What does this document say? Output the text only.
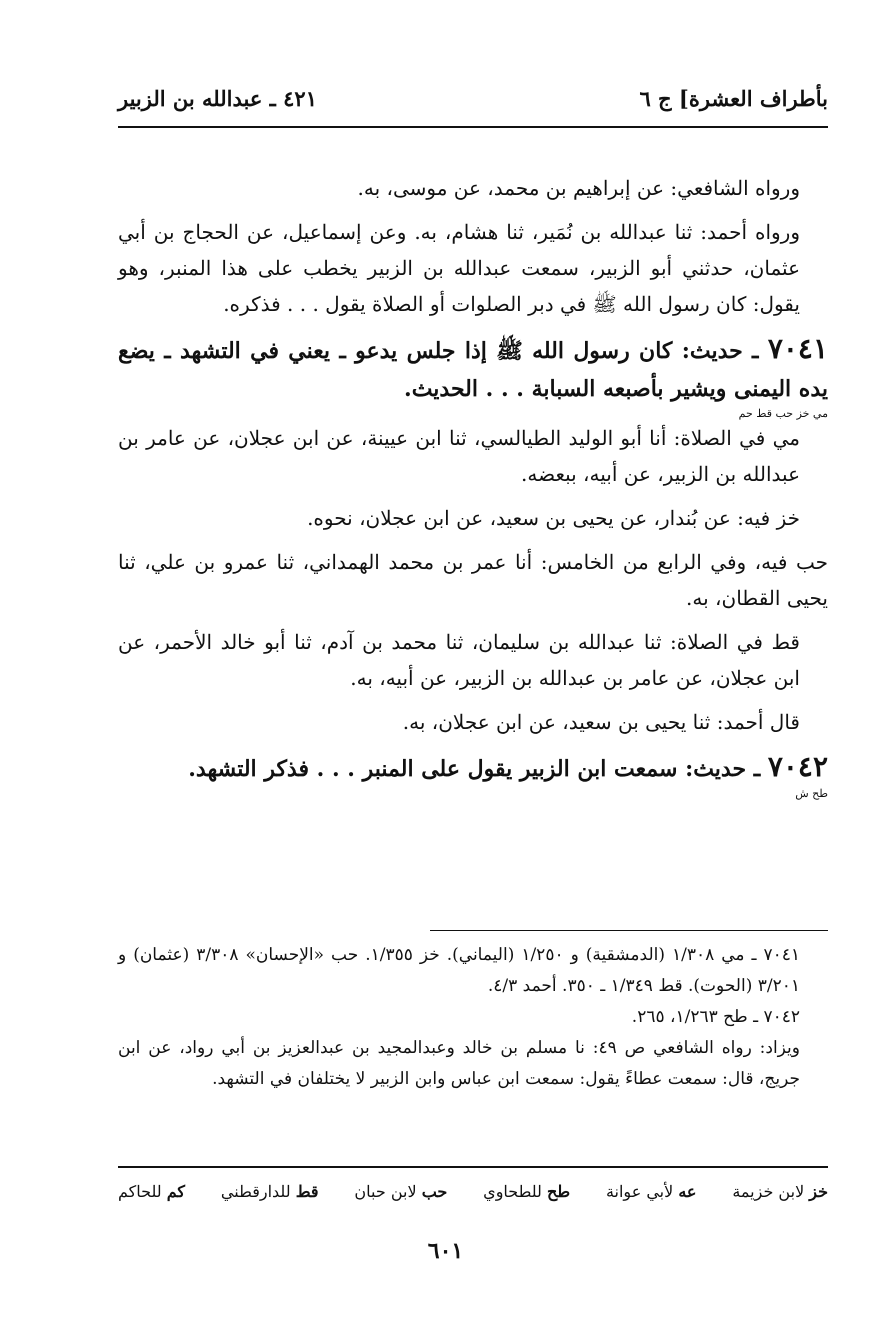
بأطراف العشرة] ج ٦
٤٢١ ـ عبدالله بن الزبير

ورواه الشافعي: عن إبراهيم بن محمد، عن موسى، به.

ورواه أحمد: ثنا عبدالله بن نُمَير، ثنا هشام، به. وعن إسماعيل، عن الحجاج بن أبي عثمان، حدثني أبو الزبير، سمعت عبدالله بن الزبير يخطب على هذا المنبر، وهو يقول: كان رسول الله ﷺ في دبر الصلوات أو الصلاة يقول . . . فذكره.

٧٠٤١ ـ حديث: كان رسول الله ﷺ إذا جلس يدعو ـ يعني في التشهد ـ يضع يده اليمنى ويشير بأصبعه السبابة . . . الحديث.
مي خز حب قط حم

مي في الصلاة: أنا أبو الوليد الطيالسي، ثنا ابن عيينة، عن ابن عجلان، عن عامر بن عبدالله بن الزبير، عن أبيه، ببعضه.

خز فيه: عن بُندار، عن يحيى بن سعيد، عن ابن عجلان، نحوه.

حب فيه، وفي الرابع من الخامس: أنا عمر بن محمد الهمداني، ثنا عمرو بن علي، ثنا يحيى القطان، به.

قط في الصلاة: ثنا عبدالله بن سليمان، ثنا محمد بن آدم، ثنا أبو خالد الأحمر، عن ابن عجلان، عن عامر بن عبدالله بن الزبير، عن أبيه، به.

قال أحمد: ثنا يحيى بن سعيد، عن ابن عجلان، به.

٧٠٤٢ ـ حديث: سمعت ابن الزبير يقول على المنبر . . . فذكر التشهد.
طح ش

٧٠٤١ ـ مي ١/٣٠٨ (الدمشقية) و ١/٢٥٠ (اليماني). خز ١/٣٥٥. حب «الإحسان» ٣/٣٠٨ (عثمان) و ٣/٢٠١ (الحوت). قط ١/٣٤٩ ـ ٣٥٠. أحمد ٤/٣.

٧٠٤٢ ـ طح ١/٢٦٣، ٢٦٥.

ويزاد: رواه الشافعي ص ٤٩: نا مسلم بن خالد وعبدالمجيد بن عبدالعزيز بن أبي رواد، عن ابن جريج، قال: سمعت عطاءً يقول: سمعت ابن عباس وابن الزبير لا يختلفان في التشهد.

خز لابن خزيمة
عه لأبي عوانة
طح للطحاوي
حب لابن حبان
قط للدارقطني
كم للحاكم
٦٠١
